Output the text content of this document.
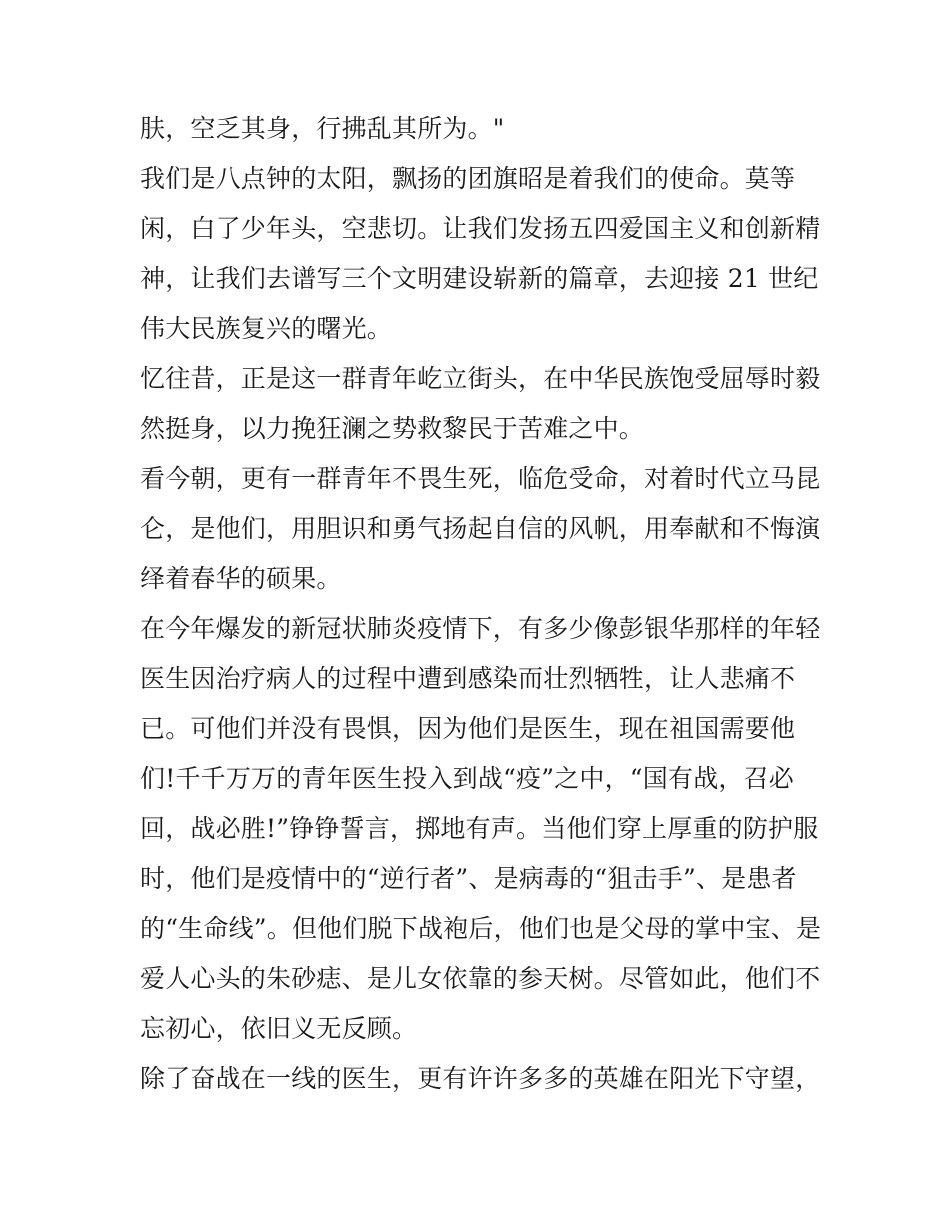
肤，空乏其身，行拂乱其所为。"
我们是八点钟的太阳，飘扬的团旗昭是着我们的使命。莫等
闲，白了少年头，空悲切。让我们发扬五四爱国主义和创新精
神，让我们去谱写三个文明建设崭新的篇章，去迎接 21 世纪
伟大民族复兴的曙光。
忆往昔，正是这一群青年屹立街头，在中华民族饱受屈辱时毅
然挺身，以力挽狂澜之势救黎民于苦难之中。
看今朝，更有一群青年不畏生死，临危受命，对着时代立马昆
仑，是他们，用胆识和勇气扬起自信的风帆，用奉献和不悔演
绎着春华的硕果。
在今年爆发的新冠状肺炎疫情下，有多少像彭银华那样的年轻
医生因治疗病人的过程中遭到感染而壮烈牺牲，让人悲痛不
已。可他们并没有畏惧，因为他们是医生，现在祖国需要他
们!千千万万的青年医生投入到战“疫”之中，“国有战，召必
回，战必胜!”铮铮誓言，掷地有声。当他们穿上厚重的防护服
时，他们是疫情中的“逆行者”、是病毒的“狙击手”、是患者
的“生命线”。但他们脱下战袍后，他们也是父母的掌中宝、是
爱人心头的朱砂痣、是儿女依靠的参天树。尽管如此，他们不
忘初心，依旧义无反顾。
除了奋战在一线的医生，更有许许多多的英雄在阳光下守望，
